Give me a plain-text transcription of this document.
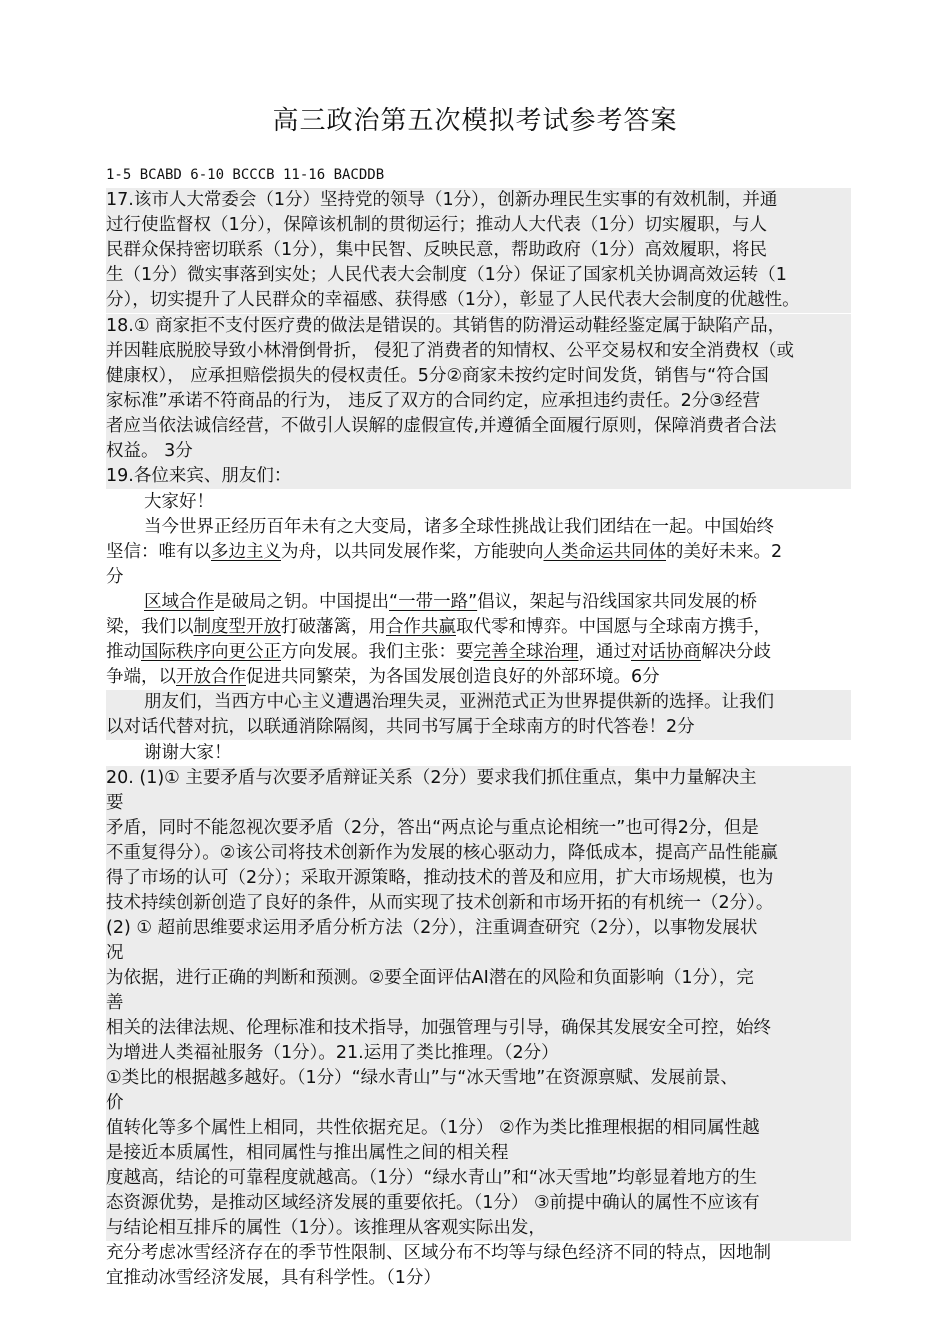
高三政治第五次模拟考试参考答案
1-5 BCABD 6-10 BCCCB 11-16 BACDDB
17.该市人大常委会（1分）坚持党的领导（1分），创新办理民生实事的有效机制，并通
过行使监督权（1分），保障该机制的贯彻运行；推动人大代表（1分）切实履职，与人
民群众保持密切联系（1分），集中民智、反映民意，帮助政府（1分）高效履职，将民
生（1分）微实事落到实处；人民代表大会制度（1分）保证了国家机关协调高效运转（1
分），切实提升了人民群众的幸福感、获得感（1分），彰显了人民代表大会制度的优越性。
18.① 商家拒不支付医疗费的做法是错误的。其销售的防滑运动鞋经鉴定属于缺陷产品，
并因鞋底脱胶导致小林滑倒骨折， 侵犯了消费者的知情权、公平交易权和安全消费权（或
健康权）， 应承担赔偿损失的侵权责任。5分②商家未按约定时间发货，销售与“符合国
家标准”承诺不符商品的行为， 违反了双方的合同约定，应承担违约责任。2分③经营
者应当依法诚信经营，不做引人误解的虚假宣传,并遵循全面履行原则，保障消费者合法
权益。 3分
19.各位来宾、朋友们：
大家好！
当今世界正经历百年未有之大变局，诸多全球性挑战让我们团结在一起。中国始终
坚信：唯有以多边主义为舟，以共同发展作桨，方能驶向人类命运共同体的美好未来。2
分
区域合作是破局之钥。中国提出“一带一路”倡议，架起与沿线国家共同发展的桥
梁，我们以制度型开放打破藩篱，用合作共赢取代零和博弈。中国愿与全球南方携手，
推动国际秩序向更公正方向发展。我们主张：要完善全球治理，通过对话协商解决分歧
争端，以开放合作促进共同繁荣，为各国发展创造良好的外部环境。6分
朋友们，当西方中心主义遭遇治理失灵，亚洲范式正为世界提供新的选择。让我们
以对话代替对抗，以联通消除隔阂，共同书写属于全球南方的时代答卷！2分
谢谢大家！
20. (1)① 主要矛盾与次要矛盾辩证关系（2分）要求我们抓住重点，集中力量解决主
要
矛盾，同时不能忽视次要矛盾（2分，答出“两点论与重点论相统一”也可得2分，但是
不重复得分）。②该公司将技术创新作为发展的核心驱动力，降低成本，提高产品性能赢
得了市场的认可（2分）；采取开源策略，推动技术的普及和应用，扩大市场规模，也为
技术持续创新创造了良好的条件，从而实现了技术创新和市场开拓的有机统一（2分）。
(2) ① 超前思维要求运用矛盾分析方法（2分），注重调查研究（2分），以事物发展状
况
为依据，进行正确的判断和预测。②要全面评估AI潜在的风险和负面影响（1分），完
善
相关的法律法规、伦理标准和技术指导，加强管理与引导，确保其发展安全可控，始终
为增进人类福祉服务（1分）。21.运用了类比推理。（2分）
①类比的根据越多越好。（1分）“绿水青山”与“冰天雪地”在资源禀赋、发展前景、
价
值转化等多个属性上相同，共性依据充足。（1分） ②作为类比推理根据的相同属性越
是接近本质属性，相同属性与推出属性之间的相关程
度越高，结论的可靠程度就越高。（1分）“绿水青山”和“冰天雪地”均彰显着地方的生
态资源优势，是推动区域经济发展的重要依托。（1分） ③前提中确认的属性不应该有
与结论相互排斥的属性（1分）。该推理从客观实际出发，
充分考虑冰雪经济存在的季节性限制、区域分布不均等与绿色经济不同的特点，因地制
宜推动冰雪经济发展，具有科学性。（1分）
